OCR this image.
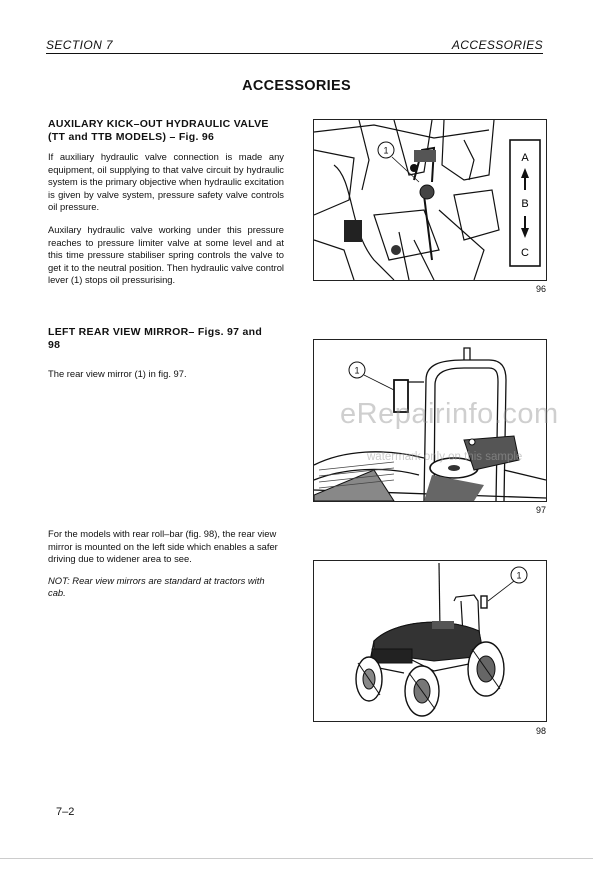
SECTION 7	ACCESSORIES
ACCESSORIES
AUXILARY KICK–OUT HYDRAULIC VALVE
(TT and TTB MODELS) – Fig. 96

If auxiliary hydraulic valve connection is made any equipment, oil supplying to that valve circuit by hydraulic system is the primary objective when hydraulic excitation is given by valve system, pressure safety valve controls oil pressure.

Auxilary hydraulic valve working under this pressure reaches to pressure limiter valve at some level and at this time pressure stabiliser spring controls the valve to get it to the neutral position. Then hydraulic valve control lever (1) stops oil pressurising.

LEFT REAR VIEW MIRROR– Figs. 97 and
98

The rear view mirror (1) in fig. 97.

For the models with rear roll–bar (fig. 98), the rear view mirror is mounted on the left side which enables a safer driving due to widener area to see.

NOT: Rear view mirrors are standard at tractors with cab.

1
A
B
C
96
1
97
1
98
eRepairinfo.com
watermark only on this sample
7–2
